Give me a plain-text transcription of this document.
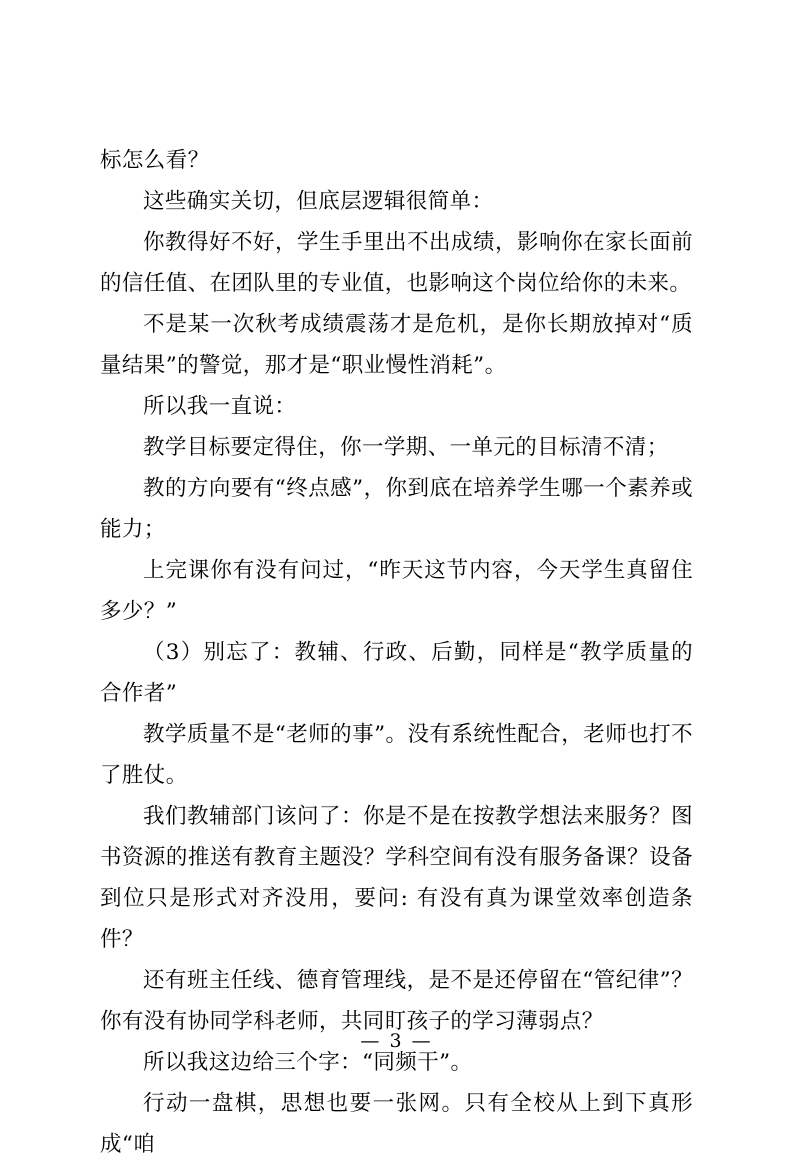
标怎么看？

这些确实关切，但底层逻辑很简单：

你教得好不好，学生手里出不出成绩，影响你在家长面前的信任值、在团队里的专业值，也影响这个岗位给你的未来。

不是某一次秋考成绩震荡才是危机，是你长期放掉对“质量结果”的警觉，那才是“职业慢性消耗”。

所以我一直说：

教学目标要定得住，你一学期、一单元的目标清不清；

教的方向要有“终点感”，你到底在培养学生哪一个素养或能力；

上完课你有没有问过，“昨天这节内容，今天学生真留住多少？”

（3）别忘了：教辅、行政、后勤，同样是“教学质量的合作者”

教学质量不是“老师的事”。没有系统性配合，老师也打不了胜仗。

我们教辅部门该问了：你是不是在按教学想法来服务？图书资源的推送有教育主题没？学科空间有没有服务备课？设备到位只是形式对齐没用，要问: 有没有真为课堂效率创造条件？

还有班主任线、德育管理线，是不是还停留在“管纪律”？你有没有协同学科老师，共同盯孩子的学习薄弱点？

所以我这边给三个字：“同频干”。

行动一盘棋，思想也要一张网。只有全校从上到下真形成“咱

— 3 —
